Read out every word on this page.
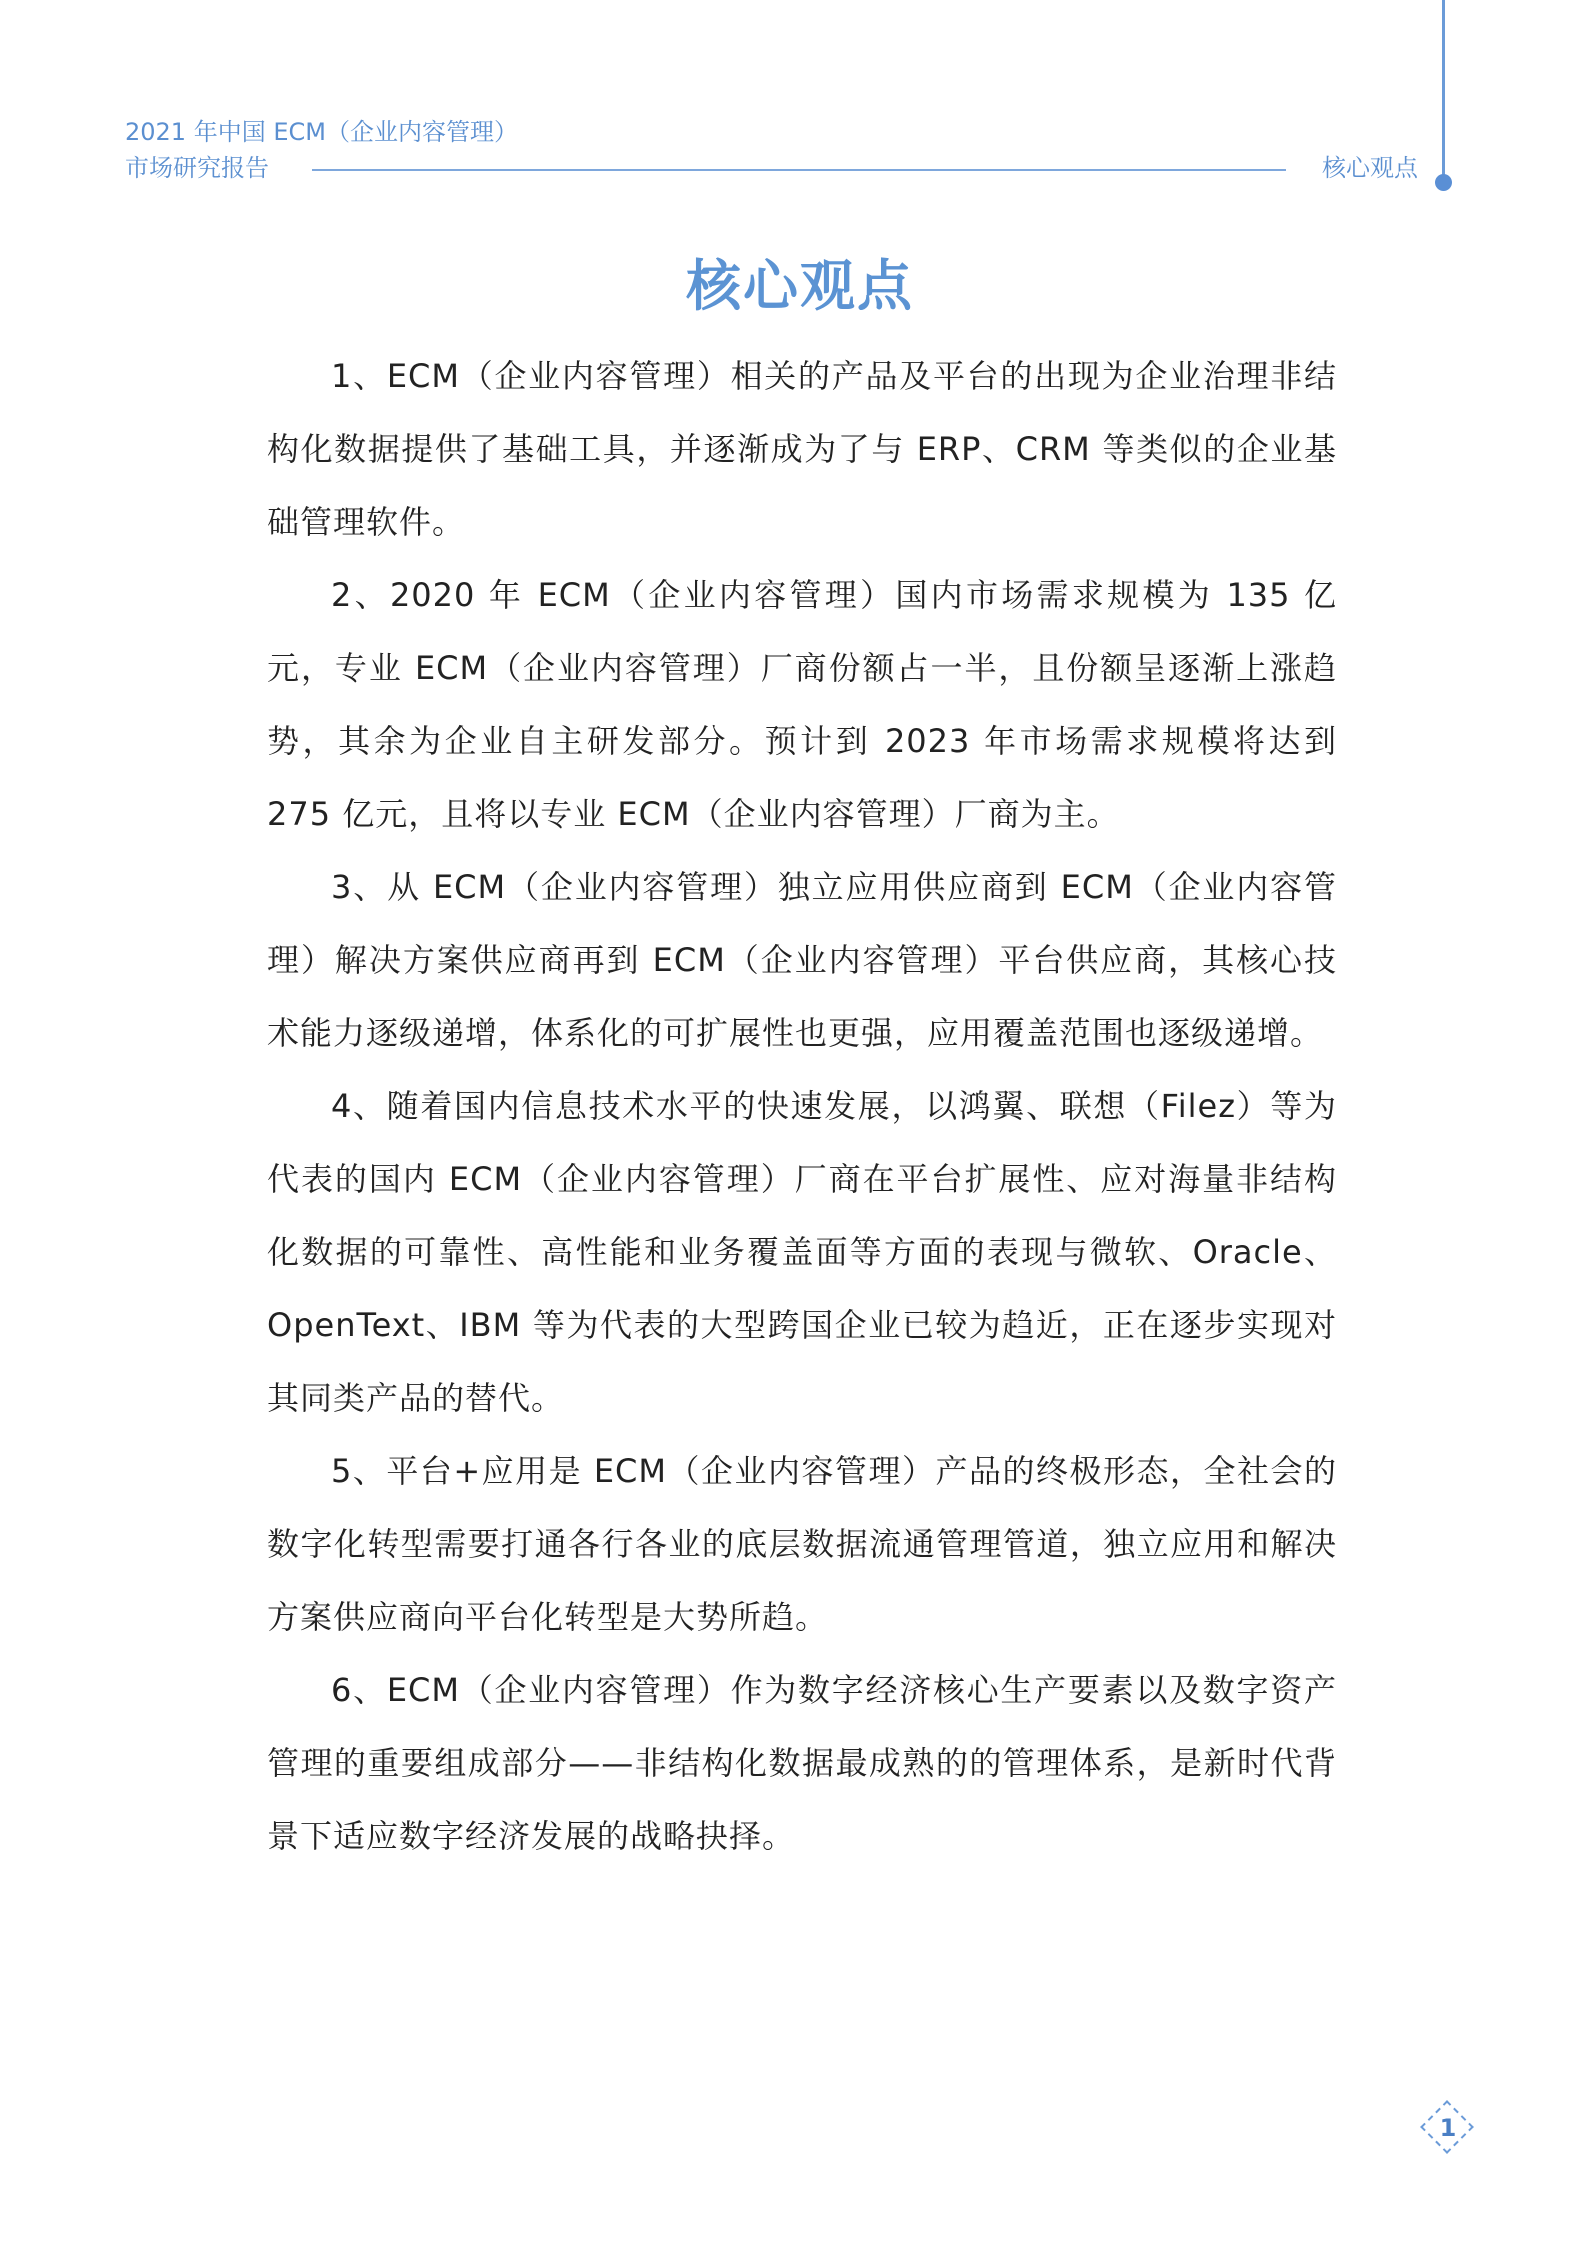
2021 年中国 ECM（企业内容管理）
市场研究报告	核心观点
核心观点

1、ECM（企业内容管理）相关的产品及平台的出现为企业治理非结构化数据提供了基础工具，并逐渐成为了与 ERP、CRM 等类似的企业基础管理软件。

2、2020 年 ECM（企业内容管理）国内市场需求规模为 135 亿元，专业 ECM（企业内容管理）厂商份额占一半，且份额呈逐渐上涨趋势，其余为企业自主研发部分。预计到 2023 年市场需求规模将达到 275 亿元，且将以专业 ECM（企业内容管理）厂商为主。

3、从 ECM（企业内容管理）独立应用供应商到 ECM（企业内容管理）解决方案供应商再到 ECM（企业内容管理）平台供应商，其核心技术能力逐级递增，体系化的可扩展性也更强，应用覆盖范围也逐级递增。

4、随着国内信息技术水平的快速发展，以鸿翼、联想（Filez）等为代表的国内 ECM（企业内容管理）厂商在平台扩展性、应对海量非结构化数据的可靠性、高性能和业务覆盖面等方面的表现与微软、Oracle、OpenText、IBM 等为代表的大型跨国企业已较为趋近，正在逐步实现对其同类产品的替代。

5、平台+应用是 ECM（企业内容管理）产品的终极形态，全社会的数字化转型需要打通各行各业的底层数据流通管理管道，独立应用和解决方案供应商向平台化转型是大势所趋。

6、ECM（企业内容管理）作为数字经济核心生产要素以及数字资产管理的重要组成部分——非结构化数据最成熟的的管理体系，是新时代背景下适应数字经济发展的战略抉择。

1
